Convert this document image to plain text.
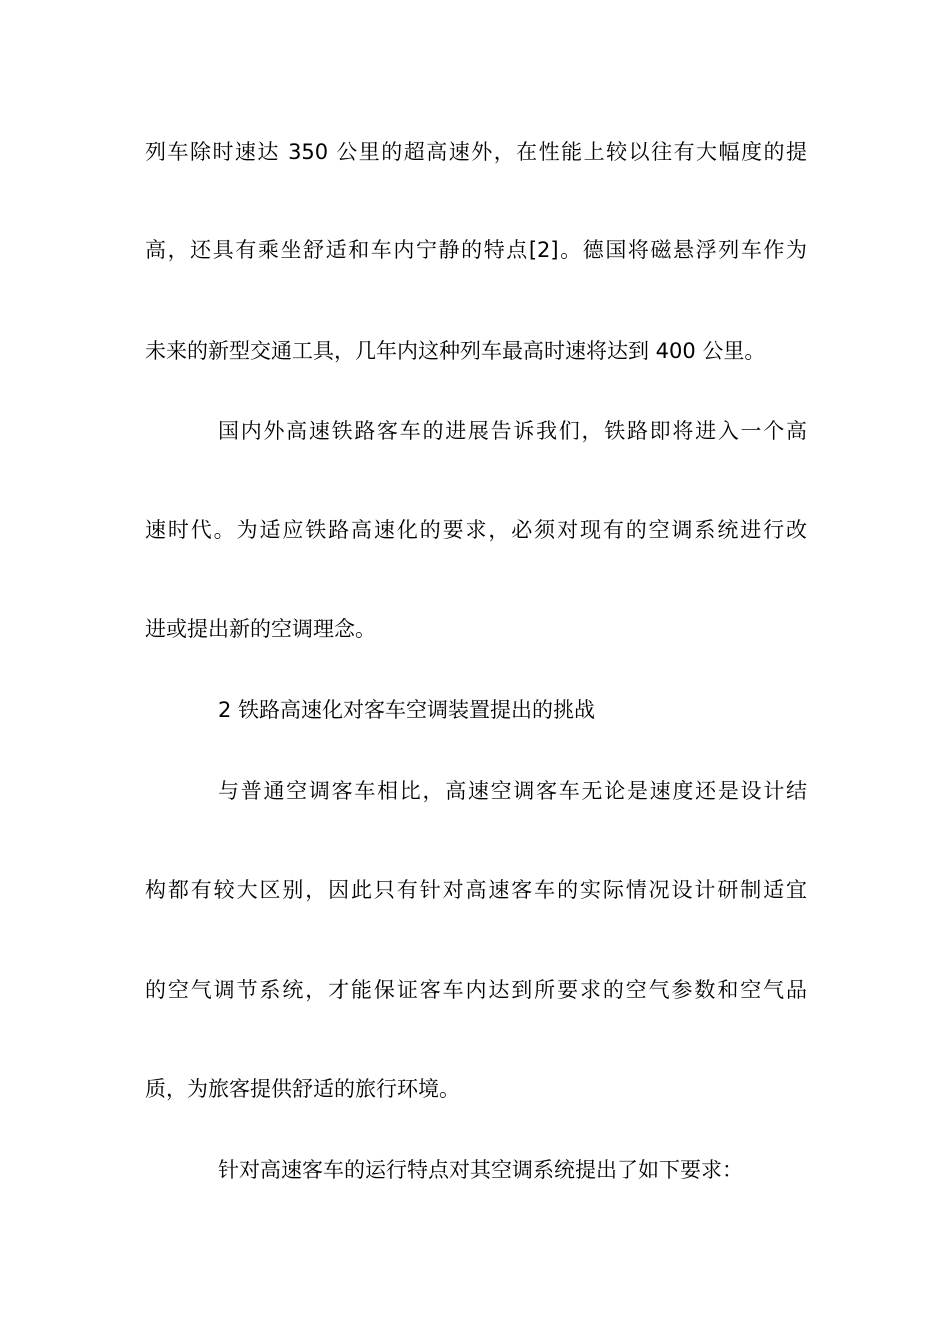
列车除时速达 350 公里的超高速外，在性能上较以往有大幅度的提
高，还具有乘坐舒适和车内宁静的特点[2]。德国将磁悬浮列车作为
未来的新型交通工具，几年内这种列车最高时速将达到 400 公里。
国内外高速铁路客车的进展告诉我们，铁路即将进入一个高
速时代。为适应铁路高速化的要求，必须对现有的空调系统进行改
进或提出新的空调理念。
2 铁路高速化对客车空调装置提出的挑战
与普通空调客车相比，高速空调客车无论是速度还是设计结
构都有较大区别，因此只有针对高速客车的实际情况设计研制适宜
的空气调节系统，才能保证客车内达到所要求的空气参数和空气品
质，为旅客提供舒适的旅行环境。
针对高速客车的运行特点对其空调系统提出了如下要求：
